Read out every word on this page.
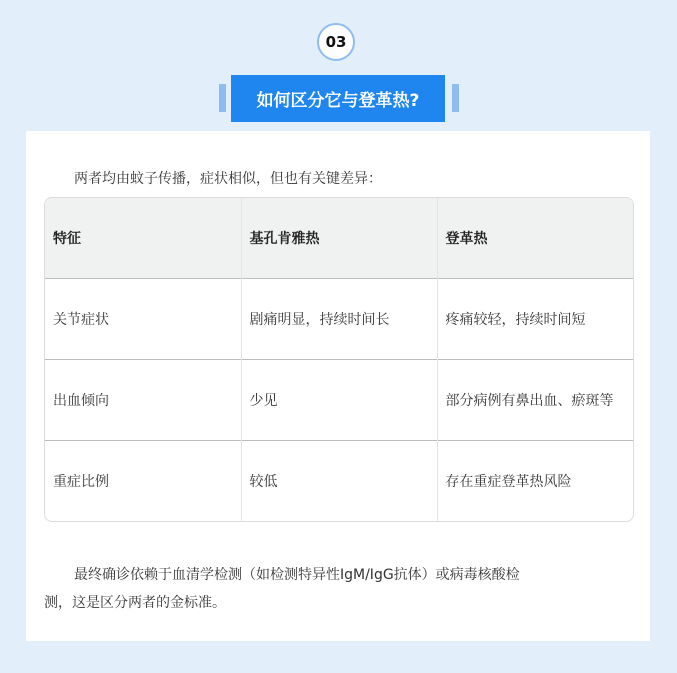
03
如何区分它与登革热?
两者均由蚊子传播，症状相似，但也有关键差异：
特征	基孔肯雅热	登革热
关节症状	剧痛明显，持续时间长	疼痛较轻，持续时间短
出血倾向	少见	部分病例有鼻出血、瘀斑等
重症比例	较低	存在重症登革热风险
最终确诊依赖于血清学检测（如检测特异性IgM/IgG抗体）或病毒核酸检
测，这是区分两者的金标准。
